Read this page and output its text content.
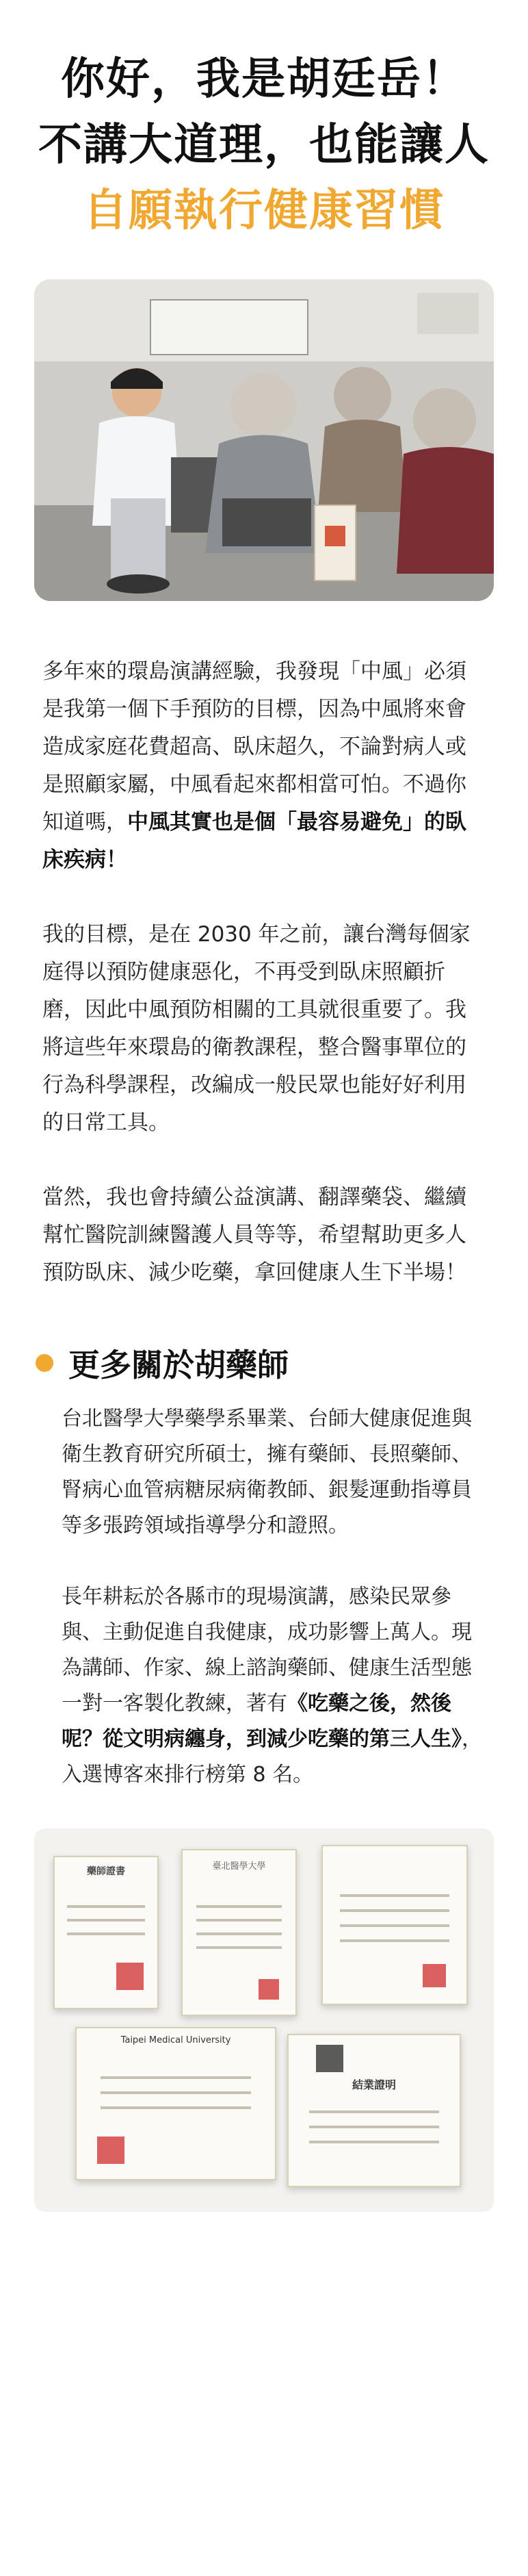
你好，我是胡廷岳！
不講大道理，也能讓人
自願執行健康習慣

多年來的環島演講經驗，我發現「中風」必須是我第一個下手預防的目標，因為中風將來會造成家庭花費超高、臥床超久，不論對病人或是照顧家屬，中風看起來都相當可怕。不過你知道嗎，中風其實也是個「最容易避免」的臥床疾病！

我的目標，是在 2030 年之前，讓台灣每個家庭得以預防健康惡化，不再受到臥床照顧折磨，因此中風預防相關的工具就很重要了。我將這些年來環島的衛教課程，整合醫事單位的行為科學課程，改編成一般民眾也能好好利用的日常工具。

當然，我也會持續公益演講、翻譯藥袋、繼續幫忙醫院訓練醫護人員等等，希望幫助更多人預防臥床、減少吃藥，拿回健康人生下半場！

更多關於胡藥師

台北醫學大學藥學系畢業、台師大健康促進與衛生教育研究所碩士，擁有藥師、長照藥師、腎病心血管病糖尿病衛教師、銀髮運動指導員等多張跨領域指導學分和證照。

長年耕耘於各縣市的現場演講，感染民眾參與、主動促進自我健康，成功影響上萬人。現為講師、作家、線上諮詢藥師、健康生活型態一對一客製化教練，著有《吃藥之後，然後呢？從文明病纏身，到減少吃藥的第三人生》，入選博客來排行榜第 8 名。

藥師證書	臺北醫學大學
Taipei Medical University
結業證明
